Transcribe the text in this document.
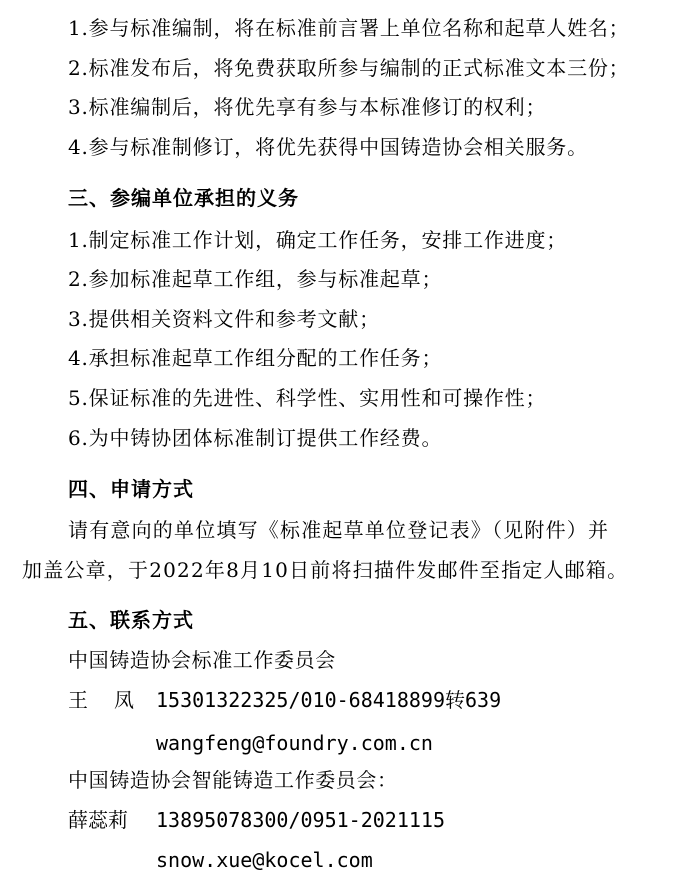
1.参与标准编制，将在标准前言署上单位名称和起草人姓名；
2.标准发布后，将免费获取所参与编制的正式标准文本三份；
3.标准编制后，将优先享有参与本标准修订的权利；
4.参与标准制修订，将优先获得中国铸造协会相关服务。
三、参编单位承担的义务
1.制定标准工作计划，确定工作任务，安排工作进度；
2.参加标准起草工作组，参与标准起草；
3.提供相关资料文件和参考文献；
4.承担标准起草工作组分配的工作任务；
5.保证标准的先进性、科学性、实用性和可操作性；
6.为中铸协团体标准制订提供工作经费。
四、申请方式
请有意向的单位填写《标准起草单位登记表》（见附件）并
加盖公章，于2022年8月10日前将扫描件发邮件至指定人邮箱。
五、联系方式
中国铸造协会标准工作委员会
王 凤 15301322325/010-68418899转639
wangfeng@foundry.com.cn
中国铸造协会智能铸造工作委员会：
薛蕊莉 13895078300/0951-2021115
snow.xue@kocel.com
